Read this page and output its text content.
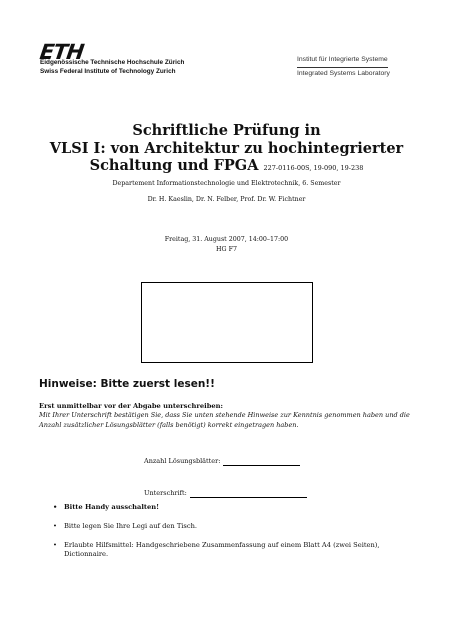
ETH
Eidgenössische Technische Hochschule Zürich
Swiss Federal Institute of Technology Zurich
Institut für Integrierte Systeme
Integrated Systems Laboratory
Schriftliche Prüfung in
VLSI I: von Architektur zu hochintegrierter
Schaltung und FPGA 227-0116-00S, 19-090, 19-238
Departement Informationstechnologie und Elektrotechnik, 6. Semester
Dr. H. Kaeslin, Dr. N. Felber, Prof. Dr. W. Fichtner
Freitag, 31. August 2007, 14:00–17:00
HG F7
Hinweise: Bitte zuerst lesen!!
Erst unmittelbar vor der Abgabe unterschreiben:
Mit Ihrer Unterschrift bestätigen Sie, dass Sie unten stehende Hinweise zur Kenntnis genommen haben und die Anzahl zusätzlicher Lösungsblätter (falls benötigt) korrekt eingetragen haben.
Anzahl Lösungsblätter:
Unterschrift:
• Bitte Handy ausschalten!
• Bitte legen Sie Ihre Legi auf den Tisch.
• Erlaubte Hilfsmittel: Handgeschriebene Zusammenfassung auf einem Blatt A4 (zwei Seiten), Dictionnaire.
